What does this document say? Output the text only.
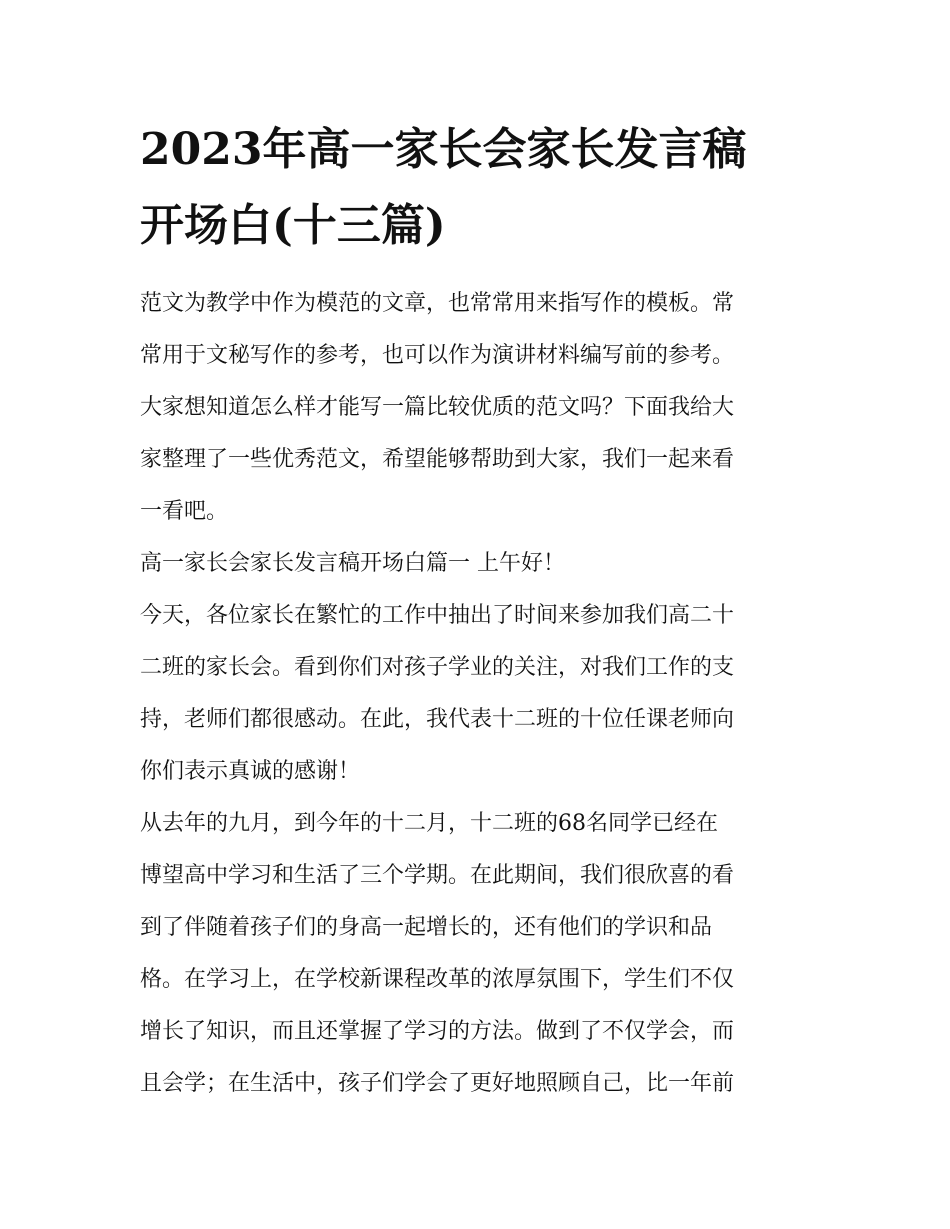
2023年高一家长会家长发言稿
开场白(十三篇)
范文为教学中作为模范的文章，也常常用来指写作的模板。常
常用于文秘写作的参考，也可以作为演讲材料编写前的参考。
大家想知道怎么样才能写一篇比较优质的范文吗？下面我给大
家整理了一些优秀范文，希望能够帮助到大家，我们一起来看
一看吧。
高一家长会家长发言稿开场白篇一 上午好！
今天，各位家长在繁忙的工作中抽出了时间来参加我们高二十
二班的家长会。看到你们对孩子学业的关注，对我们工作的支
持，老师们都很感动。在此，我代表十二班的十位任课老师向
你们表示真诚的感谢！
从去年的九月，到今年的十二月，十二班的68名同学已经在
博望高中学习和生活了三个学期。在此期间，我们很欣喜的看
到了伴随着孩子们的身高一起增长的，还有他们的学识和品
格。在学习上，在学校新课程改革的浓厚氛围下，学生们不仅
增长了知识，而且还掌握了学习的方法。做到了不仅学会，而
且会学；在生活中，孩子们学会了更好地照顾自己，比一年前
